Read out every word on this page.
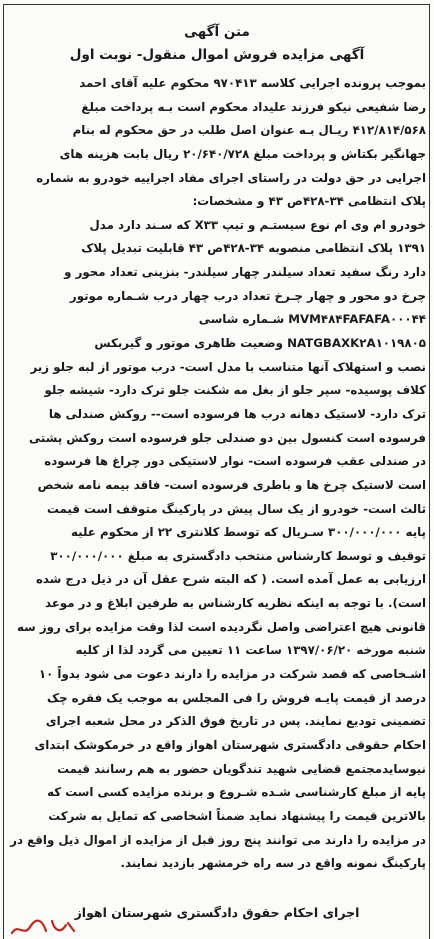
متن آگهی
آگهی مزایده فروش اموال منقول- نوبت اول
بموجب پرونده اجرایی کلاسه ۹۷۰۴۱۳ محکوم علیه آقای احمد
رضا شفیعی نیکو فرزند علیداد محکوم است بـه پرداخت مبلغ
۴۱۲/۸۱۴/۵۶۸ ریـال بـه عنوان اصل طلب در حق محکوم له بنام
جهانگیر بکتاش و پرداخت مبلغ ۲۰/۶۴۰/۷۲۸ ریال بابت هزینه های
اجرایی در حق دولت در راستای اجرای مفاد اجراییه خودرو به شماره
پلاک انتظامی ۳۴-۴۲۸ص ۴۳ و مشخصات:
خودرو ام وی ام نوع سیستـم و تیپ X۳۳ که سـند دارد مدل
۱۳۹۱ پلاک انتظامی منصوبه ۳۴-۴۲۸ص ۴۳ قابلیت تبدیل پلاک
دارد رنگ سفید تعداد سیلندر چهار سیلندر- بنزینی تعداد محور و
چرخ دو محور و چهار چـرخ تعداد درب چهار درب شـماره موتور
MVM۴۸۴FAFAFA۰۰۰۴۴ شـماره شاسی
NATGBAXK۲A۱۰۱۹۸۰۵ وضعیت ظاهری موتور و گیربکس
نصب و استهلاک آنها متناسب با مدل است- درب موتور از لبه جلو زیر
کلاف پوسیده- سپر جلو از بغل مه شکنت جلو ترک دارد- شیشه جلو
ترک دارد- لاستیک دهانه درب ها فرسوده است-- روکش صندلی ها
فرسوده است کنسول بین دو صندلی جلو فرسوده است روکش پشتی
در صندلی عقب فرسوده است- نوار لاستیکی دور چراغ ها فرسوده
است لاستیک چرخ ها و باطری فرسوده است- فاقد بیمه نامه شخص
ثالث است- خودرو از یک سال پیش در پارکینگ متوقف است قیمت
پایه ۳۰۰/۰۰۰/۰۰۰ سـریال که توسط کلانتری ۲۲ از محکوم علیه
توقیف و توسط کارشناس منتخب دادگستری به مبلغ ۳۰۰/۰۰۰/۰۰۰
ارزیابی به عمل آمده است. ( که البته شرح عقل آن در ذیل درج شده
است). با توجه به اینکه نظریه کارشناس به طرفین ابلاغ و در موعد
قانونی هیچ اعتراضی واصل نگردیده است لذا وقت مزایده برای روز سه
شنبه مورخه ۱۳۹۷/۰۶/۲۰ ساعت ۱۱ تعیین می گردد لذا از کلیه
اشـخاصی که قصد شرکت در مزایده را دارند دعوت می شود بدواً ۱۰
درصد از قیمت پایـه فروش را فی المجلس به موجب یک فقره چک
تضمینی تودیع نمایند. پس در تاریخ فوق الذکر در محل شعبه اجرای
احکام حقوقی دادگستری شهرستان اهواز واقع در خرمکوشک ابتدای
نیوسایدمجتمع قضایی شهید تندگویان حضور به هم رسانند قیمت
پایه از مبلغ کارشناسی شـده شـروع و برنده مزایده کسی است که
بالاترین قیمت را پیشنهاد نماید ضمناً اشخاصی که تمایل به شرکت
در مزایده را دارند می توانند پنج روز قبل از مزایده از اموال ذیل واقع در
پارکینگ نمونه واقع در سه راه خرمشهر بازدید نمایند.
اجرای احکام حقوق دادگستری شهرستان اهواز
